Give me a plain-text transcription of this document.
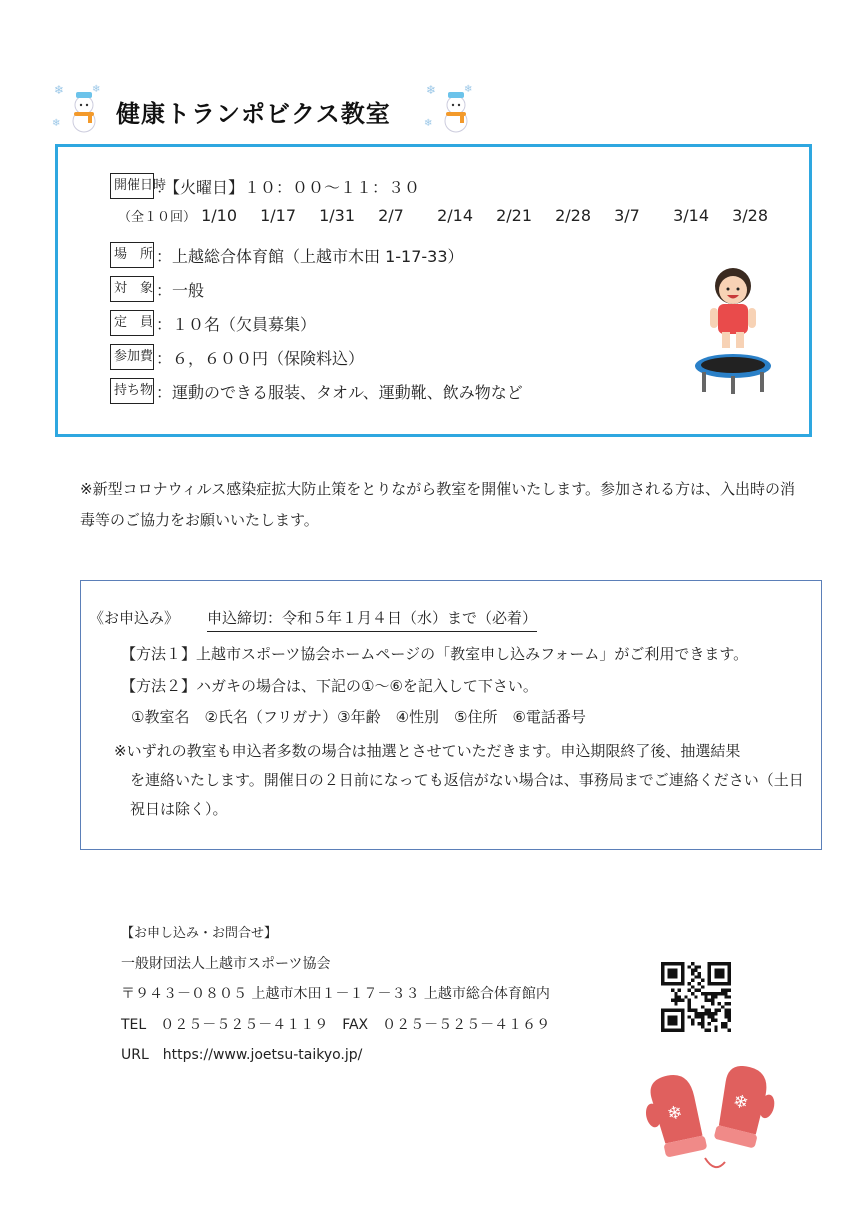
❄
❄
❄
健康トランポビクス教室
❄
❄
❄
開催日時
：【火曜日】１０：００～１１：３０
（全１０回） 1/10 1/17 1/31 2/7 2/14 2/21 2/28 3/7 3/14 3/28
場　所 ：上越総合体育館（上越市木田 1-17-33）
対　象 ：一般
定　員 ：１０名（欠員募集）
参加費 ：６，６００円（保険料込）
持ち物 ：運動のできる服装、タオル、運動靴、飲み物など
※新型コロナウィルス感染症拡大防止策をとりながら教室を開催いたします。参加される方は、入出時の消毒等のご協力をお願いいたします。
《お申込み》 申込締切：令和５年１月４日（水）まで（必着）
【方法１】上越市スポーツ協会ホームページの「教室申し込みフォーム」がご利用できます。
【方法２】ハガキの場合は、下記の①～⑥を記入して下さい。
①教室名　②氏名（フリガナ）③年齢　④性別　⑤住所　⑥電話番号
※いずれの教室も申込者多数の場合は抽選とさせていただきます。申込期限終了後、抽選結果
を連絡いたします。開催日の２日前になっても返信がない場合は、事務局までご連絡ください（土日祝日は除く）。
【お申し込み・お問合せ】
一般財団法人上越市スポーツ協会
〒９４３－０８０５ 上越市木田１－１７－３３ 上越市総合体育館内
TEL　０２５－５２５－４１１９　FAX　０２５－５２５－４１６９
URL　https://www.joetsu-taikyo.jp/
❄	❄
